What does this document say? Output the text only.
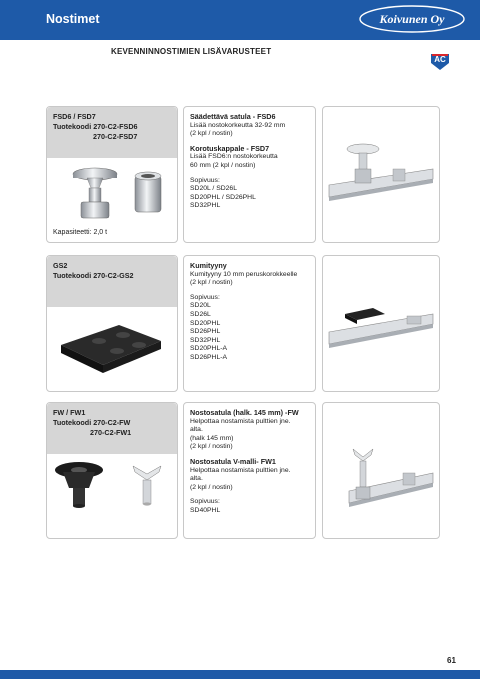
Nostimet	Koivunen Oy
KEVENNINNOSTIMIEN LISÄVARUSTEET
AC
FSD6 / FSD7
Tuotekoodi 270-C2-FSD6
270-C2-FSD7
Kapasiteetti: 2,0 t
Säädettävä satula - FSD6
Lisää nostokorkeutta 32-92 mm
(2 kpl / nostin)
Korotuskappale - FSD7
Lisää FSD6:n nostokorkeutta
60 mm (2 kpl / nostin)
Sopivuus:
SD20L / SD26L
SD20PHL / SD26PHL
SD32PHL
GS2
Tuotekoodi 270-C2-GS2
Kumityyny
Kumityyny 10 mm peruskorokkeelle
(2 kpl / nostin)
Sopivuus:
SD20L
SD26L
SD20PHL
SD26PHL
SD32PHL
SD20PHL-A
SD26PHL-A
FW / FW1
Tuotekoodi 270-C2-FW
270-C2-FW1
Nostosatula (halk. 145 mm) -FW
Helpottaa nostamista pulttien jne.
alta.
(halk 145 mm)
(2 kpl / nostin)
Nostosatula V-malli- FW1
Helpottaa nostamista pulttien jne.
alta.
(2 kpl / nostin)
Sopivuus:
SD40PHL
61
